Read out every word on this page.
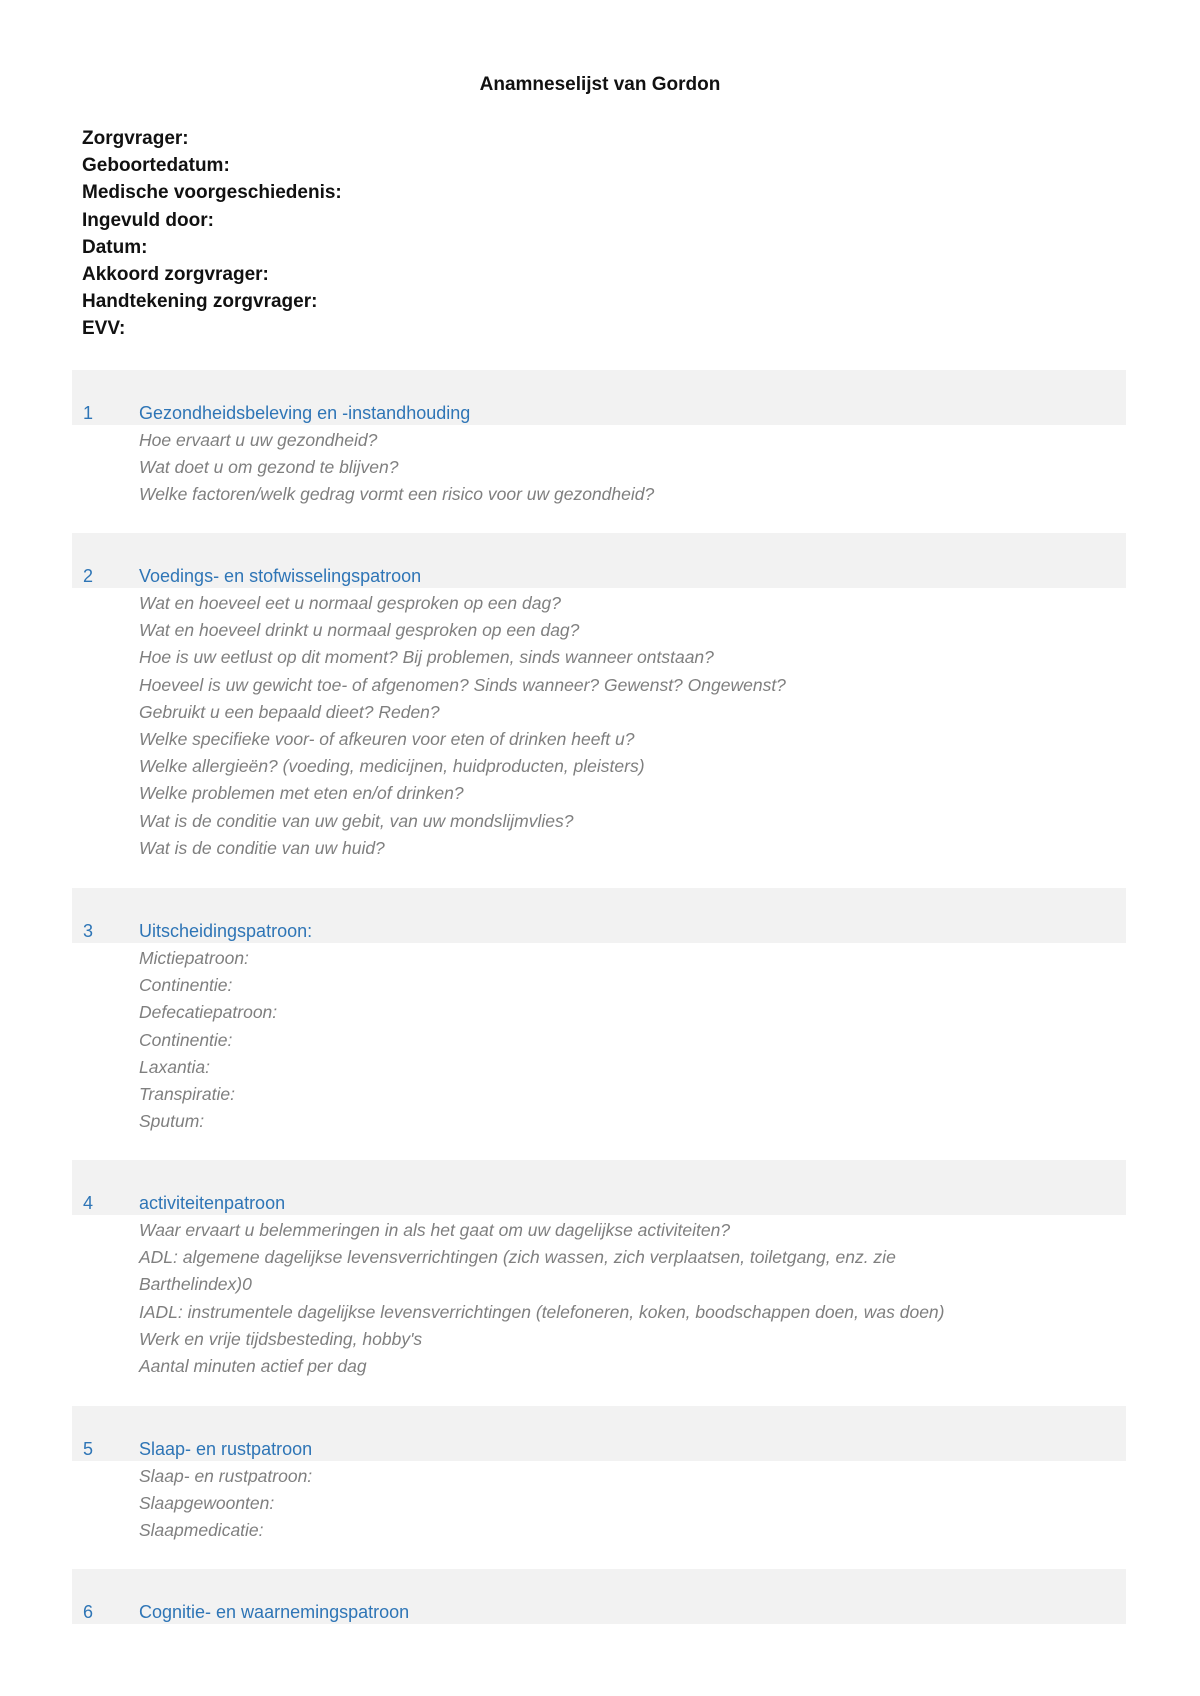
Anamneselijst van Gordon
Zorgvrager:
Geboortedatum:
Medische voorgeschiedenis:
Ingevuld door:
Datum:
Akkoord zorgvrager:
Handtekening zorgvrager:
EVV:
1	Gezondheidsbeleving en -instandhouding
Hoe ervaart u uw gezondheid?
Wat doet u om gezond te blijven?
Welke factoren/welk gedrag vormt een risico voor uw gezondheid?
2	Voedings- en stofwisselingspatroon
Wat en hoeveel eet u normaal gesproken op een dag?
Wat en hoeveel drinkt u normaal gesproken op een dag?
Hoe is uw eetlust op dit moment? Bij problemen, sinds wanneer ontstaan?
Hoeveel is uw gewicht toe- of afgenomen? Sinds wanneer? Gewenst? Ongewenst?
Gebruikt u een bepaald dieet? Reden?
Welke specifieke voor- of afkeuren voor eten of drinken heeft u?
Welke allergieën? (voeding, medicijnen, huidproducten, pleisters)
Welke problemen met eten en/of drinken?
Wat is de conditie van uw gebit, van uw mondslijmvlies?
Wat is de conditie van uw huid?
3	Uitscheidingspatroon:
Mictiepatroon:
Continentie:
Defecatiepatroon:
Continentie:
Laxantia:
Transpiratie:
Sputum:
4	activiteitenpatroon
Waar ervaart u belemmeringen in als het gaat om uw dagelijkse activiteiten?
ADL: algemene dagelijkse levensverrichtingen (zich wassen, zich verplaatsen, toiletgang, enz. zie
Barthelindex)0
IADL: instrumentele dagelijkse levensverrichtingen (telefoneren, koken, boodschappen doen, was doen)
Werk en vrije tijdsbesteding, hobby's
Aantal minuten actief per dag
5	Slaap- en rustpatroon
Slaap- en rustpatroon:
Slaapgewoonten:
Slaapmedicatie:
6	Cognitie- en waarnemingspatroon
